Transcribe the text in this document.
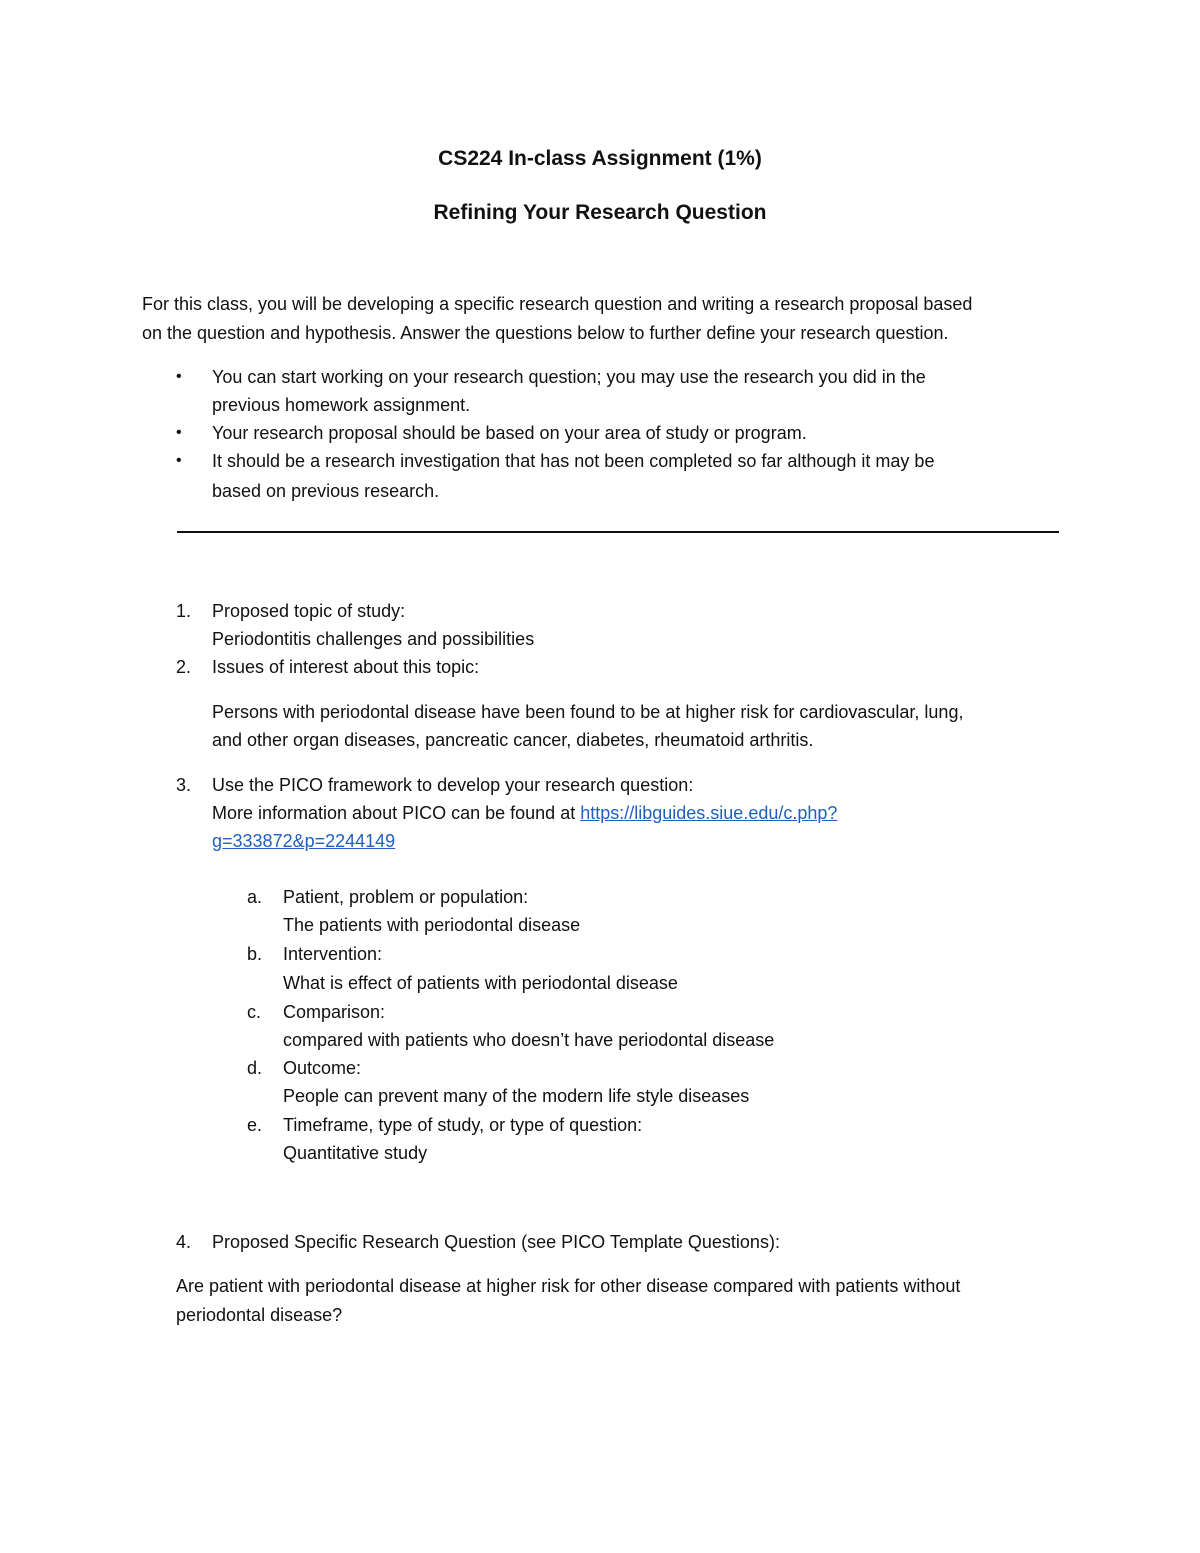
CS224 In-class Assignment (1%)
Refining Your Research Question
For this class, you will be developing a specific research question and writing a research proposal based
on the question and hypothesis. Answer the questions below to further define your research question.
• You can start working on your research question; you may use the research you did in the
previous homework assignment.
• Your research proposal should be based on your area of study or program.
• It should be a research investigation that has not been completed so far although it may be
based on previous research.
1. Proposed topic of study:
Periodontitis challenges and possibilities
2. Issues of interest about this topic:
Persons with periodontal disease have been found to be at higher risk for cardiovascular, lung,
and other organ diseases, pancreatic cancer, diabetes, rheumatoid arthritis.
3. Use the PICO framework to develop your research question:
More information about PICO can be found at https://libguides.siue.edu/c.php?
g=333872&p=2244149
a. Patient, problem or population:
The patients with periodontal disease
b. Intervention:
What is effect of patients with periodontal disease
c. Comparison:
compared with patients who doesn’t have periodontal disease
d. Outcome:
People can prevent many of the modern life style diseases
e. Timeframe, type of study, or type of question:
Quantitative study
4. Proposed Specific Research Question (see PICO Template Questions):
Are patient with periodontal disease at higher risk for other disease compared with patients without
periodontal disease?
